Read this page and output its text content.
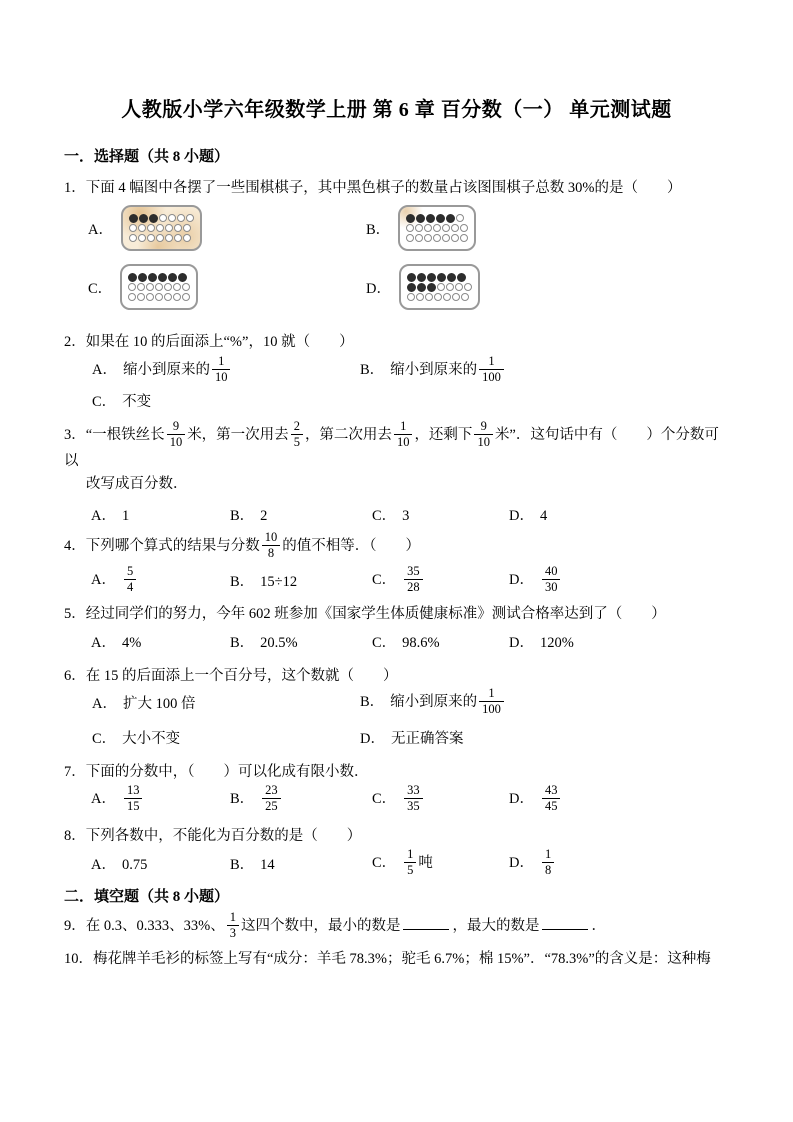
人教版小学六年级数学上册 第 6 章 百分数（一） 单元测试题
一．选择题（共 8 小题）
1．下面 4 幅图中各摆了一些围棋棋子，其中黑色棋子的数量占该图围棋子总数 30%的是（　　）
A．	B．
C．	D．
2．如果在 10 的后面添上“%”，10 就（　　）
A． 缩小到原来的 $\frac{1}{10}$	B． 缩小到原来的 $\frac{1}{100}$
C． 不变
3．“一根铁丝长 $\frac{9}{10}$ 米，第一次用去 $\frac{2}{5}$ ，第二次用去 $\frac{1}{10}$ ，还剩下 $\frac{9}{10}$ 米”．这句话中有（　　）个分数可以
改写成百分数．
A． 1	B． 2	C． 3	D． 4
4．下列哪个算式的结果与分数 $\frac{10}{8}$ 的值不相等．（　　）
A． $\frac{5}{4}$	B． 15÷12	C． $\frac{35}{28}$	D． $\frac{40}{30}$
5．经过同学们的努力，今年 602 班参加《国家学生体质健康标准》测试合格率达到了（　　）
A． 4%	B． 20.5%	C． 98.6%	D． 120%
6．在 15 的后面添上一个百分号，这个数就（　　）
A． 扩大 100 倍	B． 缩小到原来的 $\frac{1}{100}$
C． 大小不变	D． 无正确答案
7．下面的分数中，（　　）可以化成有限小数．
A． $\frac{13}{15}$	B． $\frac{23}{25}$	C． $\frac{33}{35}$	D． $\frac{43}{45}$
8．下列各数中，不能化为百分数的是（　　）
A． 0.75	B． 14	C． $\frac{1}{5}$ 吨	D． $\frac{1}{8}$
二．填空题（共 8 小题）
9．在 0.3、0.333、33%、 $\frac{1}{3}$ 这四个数中，最小的数是	，最大的数是	．
10．梅花牌羊毛衫的标签上写有“成分：羊毛 78.3%；驼毛 6.7%；棉 15%”．“78.3%”的含义是：这种梅
